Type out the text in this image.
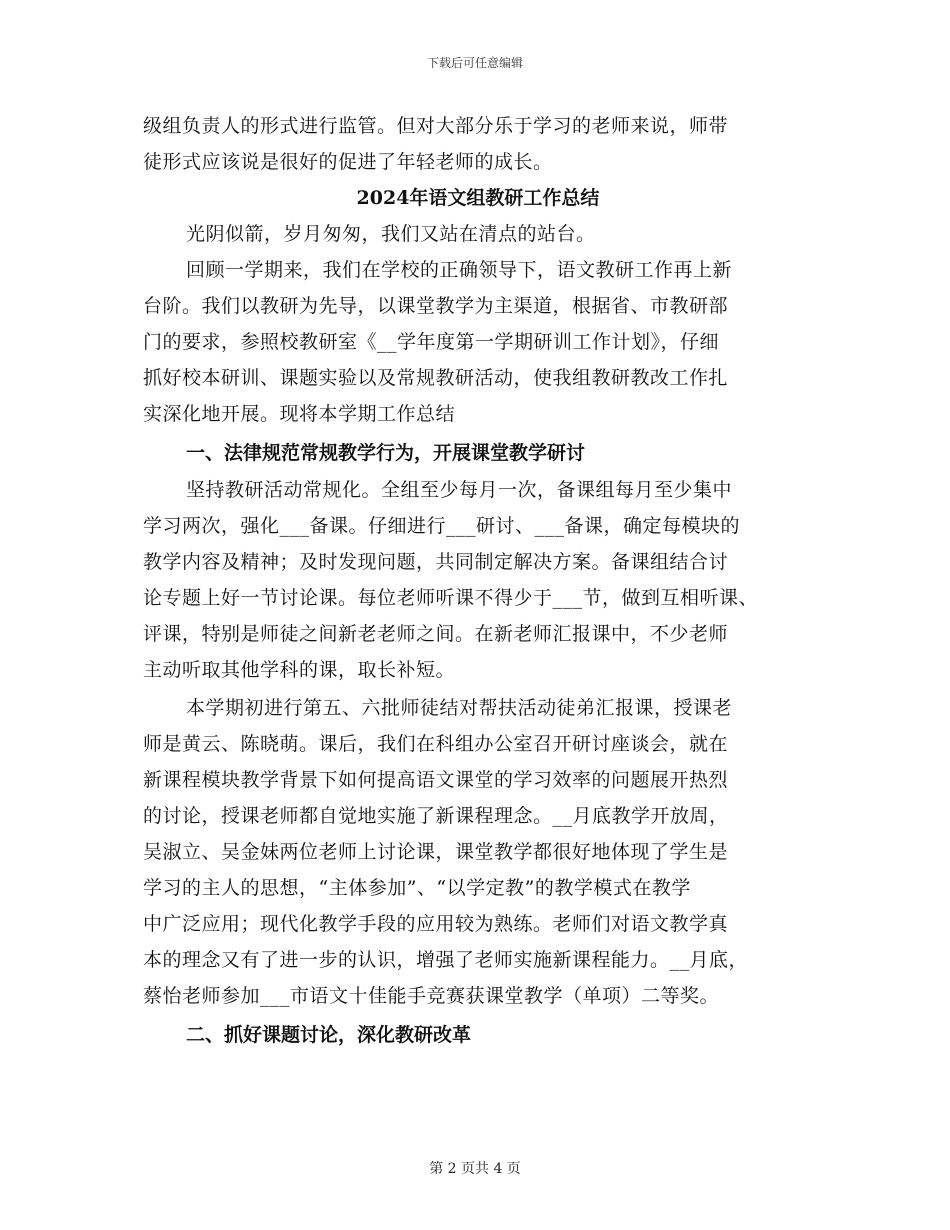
下载后可任意编辑
级组负责人的形式进行监管。但对大部分乐于学习的老师来说，师带
徒形式应该说是很好的促进了年轻老师的成长。
2024年语文组教研工作总结
光阴似箭，岁月匆匆，我们又站在清点的站台。
回顾一学期来，我们在学校的正确领导下，语文教研工作再上新
台阶。我们以教研为先导，以课堂教学为主渠道，根据省、市教研部
门的要求，参照校教研室《__学年度第一学期研训工作计划》，仔细
抓好校本研训、课题实验以及常规教研活动，使我组教研教改工作扎
实深化地开展。现将本学期工作总结
一、法律规范常规教学行为，开展课堂教学研讨
坚持教研活动常规化。全组至少每月一次，备课组每月至少集中
学习两次，强化___备课。仔细进行___研讨、___备课，确定每模块的
教学内容及精神；及时发现问题，共同制定解决方案。备课组结合讨
论专题上好一节讨论课。每位老师听课不得少于___节，做到互相听课、
评课，特别是师徒之间新老老师之间。在新老师汇报课中，不少老师
主动听取其他学科的课，取长补短。
本学期初进行第五、六批师徒结对帮扶活动徒弟汇报课，授课老
师是黄云、陈晓萌。课后，我们在科组办公室召开研讨座谈会，就在
新课程模块教学背景下如何提高语文课堂的学习效率的问题展开热烈
的讨论，授课老师都自觉地实施了新课程理念。__月底教学开放周，
吴淑立、吴金妹两位老师上讨论课，课堂教学都很好地体现了学生是
学习的主人的思想，“主体参加”、“以学定教”的教学模式在教学
中广泛应用；现代化教学手段的应用较为熟练。老师们对语文教学真
本的理念又有了进一步的认识，增强了老师实施新课程能力。__月底，
蔡怡老师参加___市语文十佳能手竞赛获课堂教学（单项）二等奖。
二、抓好课题讨论，深化教研改革
第 2 页共 4 页
